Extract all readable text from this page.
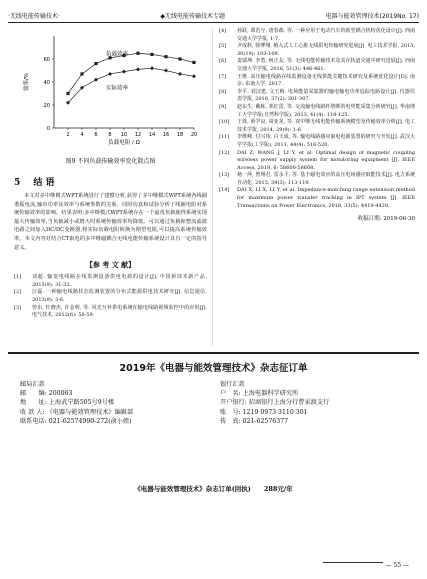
·无线电能传输技术·	◆无线电能传输技术专题	电器与能效管理技术(2019No. 17)
60
40
20
0
2 4 6 8 10 12 14 16 18 20
负载电阻 / Ω
效率/%
负载效率
实际效率
图9 不同负载传输效率变化散点图
5 结 语
本文对多中继模式WPT系统进行了建模分析,获得了多中继模式WPT系统各线圈谐振电流,输出功率及效率与系统参数的关系。同时仿真和试验分析了线圈电阻对系统传输效率的影响。结果表明:多中继模式WPT系统存在一个最优负载使得系统实现最大传输效率,当负载减小或增大时系统传输效率均降低。可以通过负载和整流滤波电路之间加入DC/DC变换器,将实际负载电阻转换为期望电阻,可以提高系统传输效率。本文内容对结合CT取电的多中继磁耦合无线电能传输系统设计具有一定的指导意义。
【参 考 文 献】
[1]	刘超. 输变电线路在线监测设备供电电源的设计[J]. 中国新技术新产品, 2015(9): 31-32.
[2]	汪磊. 一种输电线路状态监测装置的分布式能源供电技术研究[J]. 信息通信, 2013(9): 3-6.
[3]	曾东, 杜晓杰, 许金明, 等. 风光互补供电系统在输电线路视频监控中的应用[J]. 电气技术, 2012(6): 56-59.
[4]	孙跃, 谭若兮, 唐春森, 等. 一种应用于电动汽车的新型耦合机构优化设计[J]. 西南交通大学学报, 1-7.
[5]	尹成科, 徐博翔. 植入式人工心脏无线供电传输研究进展[J]. 电工技术学报, 2015, 30(19): 103-109.
[6]	麦瑞坤, 李勇, 何正友, 等. 无线电能传输技术及其在轨道交通中研究进展[J]. 西南交通大学学报, 2016, 51(3): 446-461.
[7]	王维. 高压输电线路在线监测设备无线供能关键技术研究及系统优化设计[D]. 南京: 东南大学, 2017.
[8]	李平, 刘汉建, 文玉梅. 电场能量采集器的输电输电功率追踪电路设计[J]. 仪器仪表学报, 2016, 37(2): 301-307.
[9]	赵东生, 戴栋, 邓红雷, 等. 交流输电线路杆塔绑的电势能采集分析研究[J]. 华南理工大学学报(自然科学版), 2013, 41(4): 119-125.
[10]	王珠, 黄学良, 周亚龙, 等. 双中继无线电能传输系统模型及传输效率分析[J]. 电工技术学报, 2014, 29(9): 1-6.
[11]	李维峰, 付兴伟, 白玉成, 等. 输电线路感应取电电源装置的研究与开发[J]. 武汉大学学报(工学版), 2011, 44(4): 516-520.
[12]	DAI Z, WANG J, LI Y, et al. Optimal design of magnetic coupling wireless power supply system for monitoring equipment [J]. IEEE Access, 2018, 6: 58600-58608.
[13]	杨一萍, 曾翔君, 雷永平, 等. 基于磁电效应的高压电场感应取能技术[J]. 电力系统自动化, 2015, 39(3): 113-119.
[14]	DAI X, LI X, LI Y, et al. Impedance-matching range extension method for maximum power transfer tracking in IPT system [J]. IEEE Transactions on Power Electronics, 2018, 33(5): 4419-4428.
收稿日期: 2019-06-30
2019年《电器与能效管理技术》杂志征订单
邮局汇款
邮　　编: 200063
地　　址: 上海武宁路505号9号楼
收 款 人: 《电器与能效管理技术》编辑部
联系电话: 021-62574990-272(俞小姐)
银行汇款
户　名: 上海电器科学研究所
开户银行: 招商银行上海分行曹家渡支行
账　号: 1219 0973 3110 301
传　真: 021-62576377
《电器与能效管理技术》杂志订单(回执)　　288元/年
— 55 —
